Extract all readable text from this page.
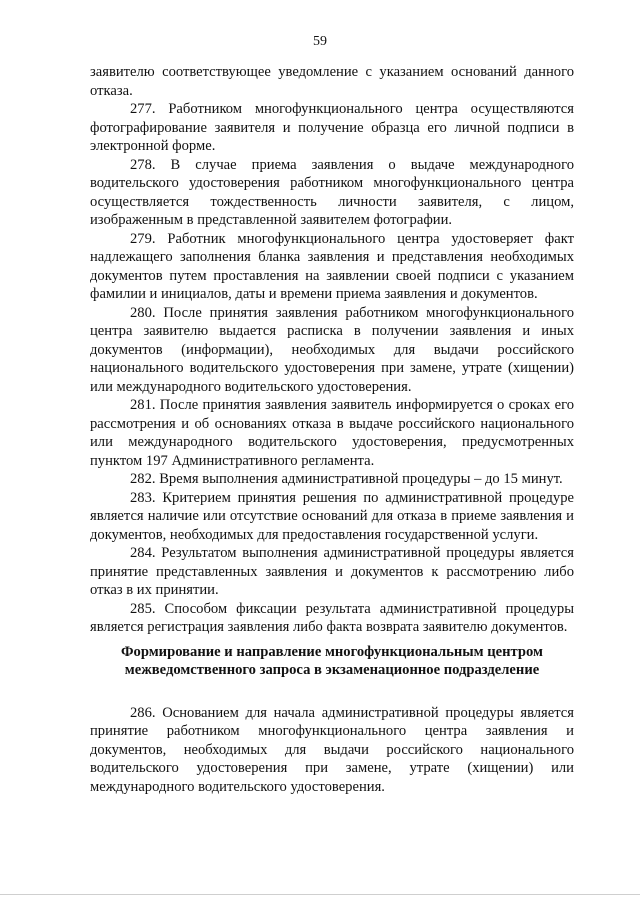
59

заявителю соответствующее уведомление с указанием оснований данного отказа.

277. Работником многофункционального центра осуществляются фотографирование заявителя и получение образца его личной подписи в электронной форме.

278. В случае приема заявления о выдаче международного водительского удостоверения работником многофункционального центра осуществляется тождественность личности заявителя, с лицом, изображенным в представленной заявителем фотографии.

279. Работник многофункционального центра удостоверяет факт надлежащего заполнения бланка заявления и представления необходимых документов путем проставления на заявлении своей подписи с указанием фамилии и инициалов, даты и времени приема заявления и документов.

280. После принятия заявления работником многофункционального центра заявителю выдается расписка в получении заявления и иных документов (информации), необходимых для выдачи российского национального водительского удостоверения при замене, утрате (хищении) или международного водительского удостоверения.

281. После принятия заявления заявитель информируется о сроках его рассмотрения и об основаниях отказа в выдаче российского национального или международного водительского удостоверения, предусмотренных пунктом 197 Административного регламента.

282. Время выполнения административной процедуры – до 15 минут.

283. Критерием принятия решения по административной процедуре является наличие или отсутствие оснований для отказа в приеме заявления и документов, необходимых для предоставления государственной услуги.

284. Результатом выполнения административной процедуры является принятие представленных заявления и документов к рассмотрению либо отказ в их принятии.

285. Способом фиксации результата административной процедуры является регистрация заявления либо факта возврата заявителю документов.

Формирование и направление многофункциональным центром межведомственного запроса в экзаменационное подразделение

286. Основанием для начала административной процедуры является принятие работником многофункционального центра заявления и документов, необходимых для выдачи российского национального водительского удостоверения при замене, утрате (хищении) или международного водительского удостоверения.
